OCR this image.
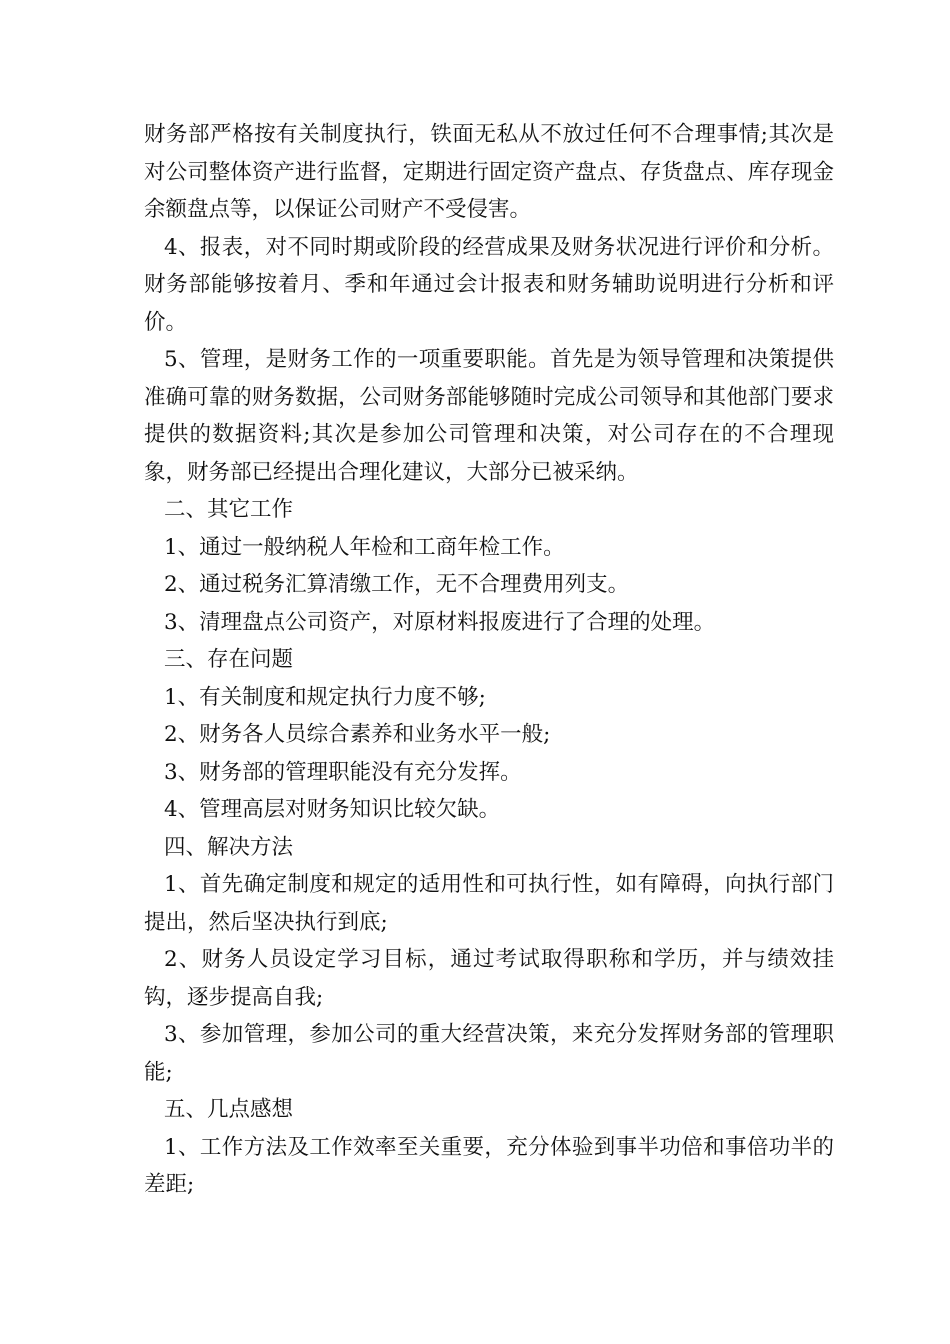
财务部严格按有关制度执行，铁面无私从不放过任何不合理事情;其次是对公司整体资产进行监督，定期进行固定资产盘点、存货盘点、库存现金余额盘点等，以保证公司财产不受侵害。

4、报表，对不同时期或阶段的经营成果及财务状况进行评价和分析。财务部能够按着月、季和年通过会计报表和财务辅助说明进行分析和评价。

5、管理，是财务工作的一项重要职能。首先是为领导管理和决策提供准确可靠的财务数据，公司财务部能够随时完成公司领导和其他部门要求提供的数据资料;其次是参加公司管理和决策，对公司存在的不合理现象，财务部已经提出合理化建议，大部分已被采纳。

二、其它工作

1、通过一般纳税人年检和工商年检工作。

2、通过税务汇算清缴工作，无不合理费用列支。

3、清理盘点公司资产，对原材料报废进行了合理的处理。

三、存在问题

1、有关制度和规定执行力度不够;

2、财务各人员综合素养和业务水平一般;

3、财务部的管理职能没有充分发挥。

4、管理高层对财务知识比较欠缺。

四、解决方法

1、首先确定制度和规定的适用性和可执行性，如有障碍，向执行部门提出，然后坚决执行到底;

2、财务人员设定学习目标，通过考试取得职称和学历，并与绩效挂钩，逐步提高自我;

3、参加管理，参加公司的重大经营决策，来充分发挥财务部的管理职能;

五、几点感想

1、工作方法及工作效率至关重要，充分体验到事半功倍和事倍功半的差距;
